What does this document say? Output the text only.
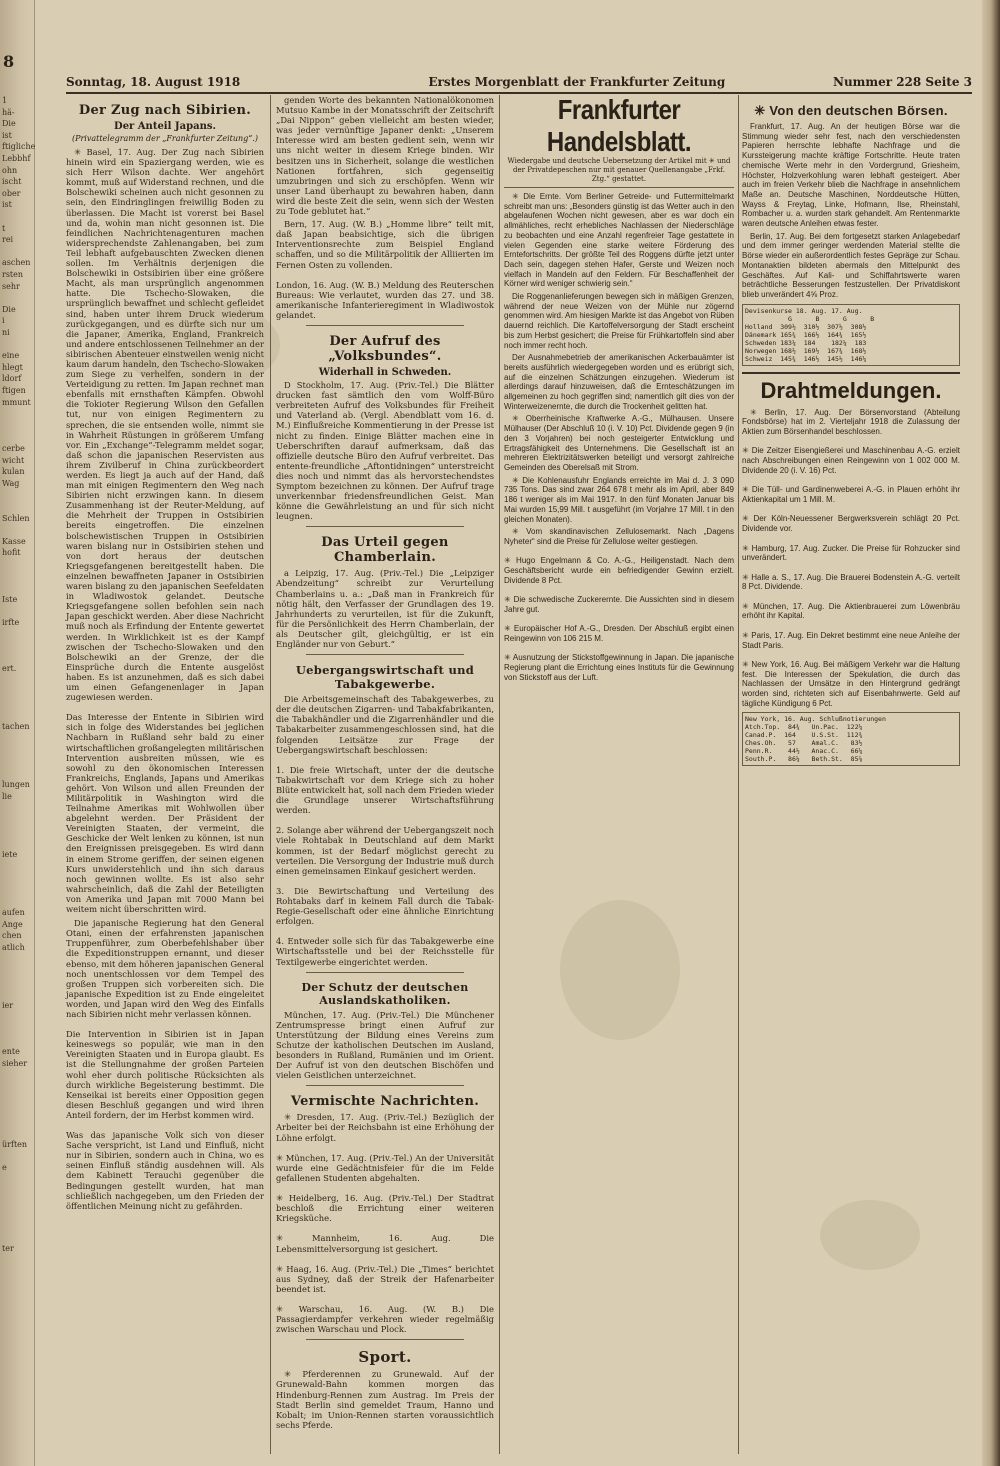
8
1
hä-
Die
ist
ftigliche
Lebbhf
ohn
ischt
ober
ist
t
rei
aschen
rsten
sehr
Die
i
ni
eine
hlegt
ldorf
ftigen
mmunt
cerbe
wicht
kulan
Wag
Schlen
Kasse
hofit
Iste
irfte
ert.
tachen
lungen
lie
iete
aufen
Ange
chen
atlich
ier
ente
sieher
ürften
e
ter
Sonntag, 18. August 1918	Erstes Morgenblatt der Frankfurter Zeitung	Nummer 228 Seite 3
Der Zug nach Sibirien.
Der Anteil Japans.
(Privattelegramm der „Frankfurter Zeitung“.)
✳ Basel, 17. Aug. Der Zug nach Sibirien hinein wird ein Spaziergang werden, wie es sich Herr Wilson dachte. Wer angehört kommt, muß auf Widerstand rechnen, und die Bolschewiki scheinen auch nicht gesonnen zu sein, den Eindringlingen freiwillig Boden zu überlassen. Die Macht ist vorerst bei Basel und da, wohin man nicht gesonnen ist. Die feindlichen Nachrichtenagenturen machen widersprechendste Zahlenangaben, bei zum Teil lebhaft aufgebauschten Zwecken dienen sollen. Im Verhältnis derjenigen die Bolschewiki in Ostsibirien über eine größere Macht, als man ursprünglich angenommen hatte. Die Tschecho-Slowaken, die ursprünglich bewaffnet und schlecht gefleidet sind, haben unter ihrem Druck wiederum zurückgegangen, und es dürfte sich nur um die Japaner, Amerika, England, Frankreich und andere entschlossenen Teilnehmer an der sibirischen Abenteuer einstweilen wenig nicht kaum darum handeln, den Tschecho-Slowaken zum Siege zu verhelfen, sondern in der Verteidigung zu retten. Im Japan rechnet man ebenfalls mit ernsthaften Kämpfen. Obwohl die Tokioter Regierung Wilson den Gefallen tut, nur von einigen Regimentern zu sprechen, die sie entsenden wolle, nimmt sie in Wahrheit Rüstungen in größerem Umfang vor. Ein „Exchange“-Telegramm meldet sogar, daß schon die japanischen Reservisten aus ihrem Zivilberuf in China zurückbeordert werden. Es liegt ja auch auf der Hand, daß man mit einigen Regimentern den Weg nach Sibirien nicht erzwingen kann. In diesem Zusammenhang ist der Reuter-Meldung, auf die Mehrheit der Truppen in Ostsibirien bereits eingetroffen. Die einzelnen bolschewistischen Truppen in Ostsibirien waren bislang nur in Ostsibirien stehen und von dort heraus der deutschen Kriegsgefangenen bereitgestellt haben. Die einzelnen bewaffneten Japaner in Ostsibirien waren bislang zu den japanischen Seefeldaten in Wladiwostok gelandet. Deutsche Kriegsgefangene sollen befohlen sein nach Japan geschickt werden. Aber diese Nachricht muß noch als Erfindung der Entente gewertet werden. In Wirklichkeit ist es der Kampf zwischen der Tschecho-Slowaken und den Bolschewiki an der Grenze, der die Einsprüche durch die Entente ausgelöst haben. Es ist anzunehmen, daß es sich dabei um einen Gefangenenlager in Japan zugewiesen werden.

Das Interesse der Entente in Sibirien wird sich in folge des Widerstandes bei jeglichen Nachbarn in Rußland sehr bald zu einer wirtschaftlichen großangelegten militärischen Intervention ausbreiten müssen, wie es sowohl zu den ökonomischen Interessen Frankreichs, Englands, Japans und Amerikas gehört. Von Wilson und allen Freunden der Militärpolitik in Washington wird die Teilnahme Amerikas mit Wohlwollen über abgelehnt werden. Der Präsident der Vereinigten Staaten, der vermeint, die Geschicke der Welt lenken zu können, ist nun den Ereignissen preisgegeben. Es wird dann in einem Strome geriffen, der seinen eigenen Kurs unwiderstehlich und ihn sich daraus noch gewinnen wollte. Es ist also sehr wahrscheinlich, daß die Zahl der Beteiligten von Amerika und Japan mit 7000 Mann bei weitem nicht überschritten wird.
Die japanische Regierung hat den General Otani, einen der erfahrensten japanischen Truppenführer, zum Oberbefehlshaber über die Expeditionstruppen ernannt, und dieser ebenso, mit dem höheren japanischen General noch unentschlossen vor dem Tempel des großen Truppen sich vorbereiten sich. Die japanische Expedition ist zu Ende eingeleitet worden, und Japan wird den Weg des Einfalls nach Sibirien nicht mehr verlassen können.

Die Intervention in Sibirien ist in Japan keineswegs so populär, wie man in den Vereinigten Staaten und in Europa glaubt. Es ist die Stellungnahme der großen Parteien wohl eher durch politische Rücksichten als durch wirkliche Begeisterung bestimmt. Die Kenseikai ist bereits einer Opposition gegen diesen Beschluß gegangen und wird ihren Anteil fordern, der im Herbst kommen wird.

Was das japanische Volk sich von dieser Sache verspricht, ist Land und Einfluß, nicht nur in Sibirien, sondern auch in China, wo es seinen Einfluß ständig ausdehnen will. Als dem Kabinett Terauchi gegenüber die Bedingungen gestellt wurden, hat man schließlich nachgegeben, um den Frieden der öffentlichen Meinung nicht zu gefährden.
genden Worte des bekannten Nationalökonomen Mutsuo Kambe in der Monatsschrift der Zeitschrift „Dai Nippon“ geben vielleicht am besten wieder, was jeder vernünftige Japaner denkt: „Unserem Interesse wird am besten gedient sein, wenn wir uns nicht weiter in diesem Kriege binden. Wir besitzen uns in Sicherheit, solange die westlichen Nationen fortfahren, sich gegenseitig umzubringen und sich zu erschöpfen. Wenn wir unser Land überhaupt zu bewahren haben, dann wird die beste Zeit die sein, wenn sich der Westen zu Tode geblutet hat.“
Bern, 17. Aug. (W. B.) „Homme libre“ teilt mit, daß Japan beabsichtige, sich die übrigen Interventionsrechte zum Beispiel England schaffen, und so die Militärpolitik der Alliierten im Fernen Osten zu vollenden.

London, 16. Aug. (W. B.) Meldung des Reuterschen Bureaus: Wie verlautet, wurden das 27. und 38. amerikanische Infanterieregiment in Wladiwostok gelandet.
Der Aufruf des „Volksbundes“.
Widerhall in Schweden.
D Stockholm, 17. Aug. (Priv.-Tel.) Die Blätter drucken fast sämtlich den vom Wolff-Büro verbreiteten Aufruf des Volksbundes für Freiheit und Vaterland ab. (Vergl. Abendblatt vom 16. d. M.) Einflußreiche Kommentierung in der Presse ist nicht zu finden. Einige Blätter machen eine in Ueberschriften darauf aufmerksam, daß das offizielle deutsche Büro den Aufruf verbreitet. Das entente-freundliche „Aftontidningen“ unterstreicht dies noch und nimmt das als hervorstechendstes Symptom bezeichnen zu können. Der Aufruf trage unverkennbar friedensfreundlichen Geist. Man könne die Gewährleistung an und für sich nicht leugnen.
Das Urteil gegen Chamberlain.
a Leipzig, 17. Aug. (Priv.-Tel.) Die „Leipziger Abendzeitung“ schreibt zur Verurteilung Chamberlains u. a.: „Daß man in Frankreich für nötig hält, den Verfasser der Grundlagen des 19. Jahrhunderts zu verurteilen, ist für die Zukunft, für die Persönlichkeit des Herrn Chamberlain, der als Deutscher gilt, gleichgültig, er ist ein Engländer nur von Geburt.“
Uebergangswirtschaft und Tabakgewerbe.
Die Arbeitsgemeinschaft des Tabakgewerbes, zu der die deutschen Zigarren- und Tabakfabrikanten, die Tabakhändler und die Zigarrenhändler und die Tabakarbeiter zusammengeschlossen sind, hat die folgenden Leitsätze zur Frage der Uebergangswirtschaft beschlossen:

1. Die freie Wirtschaft, unter der die deutsche Tabakwirtschaft vor dem Kriege sich zu hoher Blüte entwickelt hat, soll nach dem Frieden wieder die Grundlage unserer Wirtschaftsführung werden.

2. Solange aber während der Uebergangszeit noch viele Rohtabak in Deutschland auf dem Markt kommen, ist der Bedarf möglichst gerecht zu verteilen. Die Versorgung der Industrie muß durch einen gemeinsamen Einkauf gesichert werden.

3. Die Bewirtschaftung und Verteilung des Rohtabaks darf in keinem Fall durch die Tabak-Regie-Gesellschaft oder eine ähnliche Einrichtung erfolgen.

4. Entweder solle sich für das Tabakgewerbe eine Wirtschaftsstelle und bei der Reichsstelle für Textilgewerbe eingerichtet werden.
Der Schutz der deutschen Auslandskatholiken.
München, 17. Aug. (Priv.-Tel.) Die Münchener Zentrumspresse bringt einen Aufruf zur Unterstützung der Bildung eines Vereins zum Schutze der katholischen Deutschen im Ausland, besonders in Rußland, Rumänien und im Orient. Der Aufruf ist von den deutschen Bischöfen und vielen Geistlichen unterzeichnet.
Vermischte Nachrichten.
✳ Dresden, 17. Aug. (Priv.-Tel.) Bezüglich der Arbeiter bei der Reichsbahn ist eine Erhöhung der Löhne erfolgt.

✳ München, 17. Aug. (Priv.-Tel.) An der Universität wurde eine Gedächtnisfeier für die im Felde gefallenen Studenten abgehalten.

✳ Heidelberg, 16. Aug. (Priv.-Tel.) Der Stadtrat beschloß die Errichtung einer weiteren Kriegsküche.

✳ Mannheim, 16. Aug. Die Lebensmittelversorgung ist gesichert.

✳ Haag, 16. Aug. (Priv.-Tel.) Die „Times“ berichtet aus Sydney, daß der Streik der Hafenarbeiter beendet ist.

✳ Warschau, 16. Aug. (W. B.) Die Passagierdampfer verkehren wieder regelmäßig zwischen Warschau und Plock.
Sport.
✳ Pferderennen zu Grunewald. Auf der Grunewald-Bahn kommen morgen das Hindenburg-Rennen zum Austrag. Im Preis der Stadt Berlin sind gemeldet Traum, Hanno und Kobalt; im Union-Rennen starten voraussichtlich sechs Pferde.
Frankfurter Handelsblatt.
Wiedergabe und deutsche Uebersetzung der Artikel mit ✳ und der Privatdepeschen nur mit genauer Quellenangabe „Frkf. Ztg.“ gestattet.
✳ Die Ernte. Vom Berliner Getreide- und Futtermittelmarkt schreibt man uns: „Besonders günstig ist das Wetter auch in den abgelaufenen Wochen nicht gewesen, aber es war doch ein allmähliches, recht erhebliches Nachlassen der Niederschläge zu beobachten und eine Anzahl regenfreier Tage gestattete in vielen Gegenden eine starke weitere Förderung des Erntefortschritts. Der größte Teil des Roggens dürfte jetzt unter Dach sein, dagegen stehen Hafer, Gerste und Weizen noch vielfach in Mandeln auf den Feldern. Für Beschaffenheit der Körner wird weniger schwierig sein.“
Die Roggenanlieferungen bewegen sich in mäßigen Grenzen, während der neue Weizen von der Mühle nur zögernd genommen wird. Am hiesigen Markte ist das Angebot von Rüben dauernd reichlich. Die Kartoffelversorgung der Stadt erscheint bis zum Herbst gesichert; die Preise für Frühkartoffeln sind aber noch immer recht hoch.
Der Ausnahmebetrieb der amerikanischen Ackerbauämter ist bereits ausführlich wiedergegeben worden und es erübrigt sich, auf die einzelnen Schätzungen einzugehen. Wiederum ist allerdings darauf hinzuweisen, daß die Ernteschätzungen im allgemeinen zu hoch gegriffen sind; namentlich gilt dies von der Winterweizenernte, die durch die Trockenheit gelitten hat.
✳ Oberrheinische Kraftwerke A.-G., Mülhausen. Unsere Mülhauser (Der Abschluß 10 (i. V. 10) Pct. Dividende gegen 9 (in den 3 Vorjahren) bei noch gesteigerter Entwicklung und Ertragsfähigkeit des Unternehmens. Die Gesellschaft ist an mehreren Elektrizitätswerken beteiligt und versorgt zahlreiche Gemeinden des Oberelsaß mit Strom.
✳ Die Kohlenausfuhr Englands erreichte im Mai d. J. 3 090 735 Tons. Das sind zwar 264 678 t mehr als im April, aber 849 186 t weniger als im Mai 1917. In den fünf Monaten Januar bis Mai wurden 15,99 Mill. t ausgeführt (im Vorjahre 17 Mill. t in den gleichen Monaten).
✳ Vom skandinavischen Zellulosemarkt. Nach „Dagens Nyheter“ sind die Preise für Zellulose weiter gestiegen.

✳ Hugo Engelmann & Co. A.-G., Heiligenstadt. Nach dem Geschäftsbericht wurde ein befriedigender Gewinn erzielt. Dividende 8 Pct.

✳ Die schwedische Zuckerernte. Die Aussichten sind in diesem Jahre gut.

✳ Europäischer Hof A.-G., Dresden. Der Abschluß ergibt einen Reingewinn von 106 215 M.

✳ Ausnutzung der Stickstoffgewinnung in Japan. Die japanische Regierung plant die Errichtung eines Instituts für die Gewinnung von Stickstoff aus der Luft.
✳ Von den deutschen Börsen.
Frankfurt, 17. Aug. An der heutigen Börse war die Stimmung wieder sehr fest, nach den verschiedensten Papieren herrschte lebhafte Nachfrage und die Kurssteigerung machte kräftige Fortschritte. Heute traten chemische Werte mehr in den Vordergrund, Griesheim, Höchster, Holzverkohlung waren lebhaft gesteigert. Aber auch im freien Verkehr blieb die Nachfrage in ansehnlichem Maße an. Deutsche Maschinen, Norddeutsche Hütten, Wayss & Freytag, Linke, Hofmann, Ilse, Rheinstahl, Rombacher u. a. wurden stark gehandelt. Am Rentenmarkte waren deutsche Anleihen etwas fester.
Berlin, 17. Aug. Bei dem fortgesetzt starken Anlagebedarf und dem immer geringer werdenden Material stellte die Börse wieder ein außerordentlich festes Gepräge zur Schau. Montanaktien bildeten abermals den Mittelpunkt des Geschäftes. Auf Kali- und Schiffahrtswerte waren beträchtliche Besserungen festzustellen. Der Privatdiskont blieb unverändert 4⅝ Proz.
Devisenkurse 18. Aug. 17. Aug.
G      B      G      B
Holland  309½  310½  307½  308½
Dänemark 165¾  166½  164¾  165½
Schweden 183¼  184    182¼  183
Norwegen 168½  169½  167¾  168½
Schweiz  145¾  146½  145½  146¼
Drahtmeldungen.
✳ Berlin, 17. Aug. Der Börsenvorstand (Abteilung Fondsbörse) hat im 2. Vierteljahr 1918 die Zulassung der Aktien zum Börsenhandel beschlossen.

✳ Die Zeitzer Eisengießerei und Maschinenbau A.-G. erzielt nach Abschreibungen einen Reingewinn von 1 002 000 M. Dividende 20 (i. V. 16) Pct.

✳ Die Tüll- und Gardinenweberei A.-G. in Plauen erhöht ihr Aktienkapital um 1 Mill. M.

✳ Der Köln-Neuessener Bergwerksverein schlägt 20 Pct. Dividende vor.

✳ Hamburg, 17. Aug. Zucker. Die Preise für Rohzucker sind unverändert.

✳ Halle a. S., 17. Aug. Die Brauerei Bodenstein A.-G. verteilt 8 Pct. Dividende.

✳ München, 17. Aug. Die Aktienbrauerei zum Löwenbräu erhöht ihr Kapital.

✳ Paris, 17. Aug. Ein Dekret bestimmt eine neue Anleihe der Stadt Paris.

✳ New York, 16. Aug. Bei mäßigem Verkehr war die Haltung fest. Die Interessen der Spekulation, die durch das Nachlassen der Umsätze in den Hintergrund gedrängt worden sind, richteten sich auf Eisenbahnwerte. Geld auf tägliche Kündigung 6 Pct.
New York, 16. Aug. Schlußnotierungen
Atch.Top.  84¾   Un.Pac.  122¼
Canad.P.  164    U.S.St.  112¾
Ches.Oh.   57    Amal.C.   83½
Penn.R.    44½   Anac.C.   66¼
South.P.   86¼   Beth.St.  85⅞
